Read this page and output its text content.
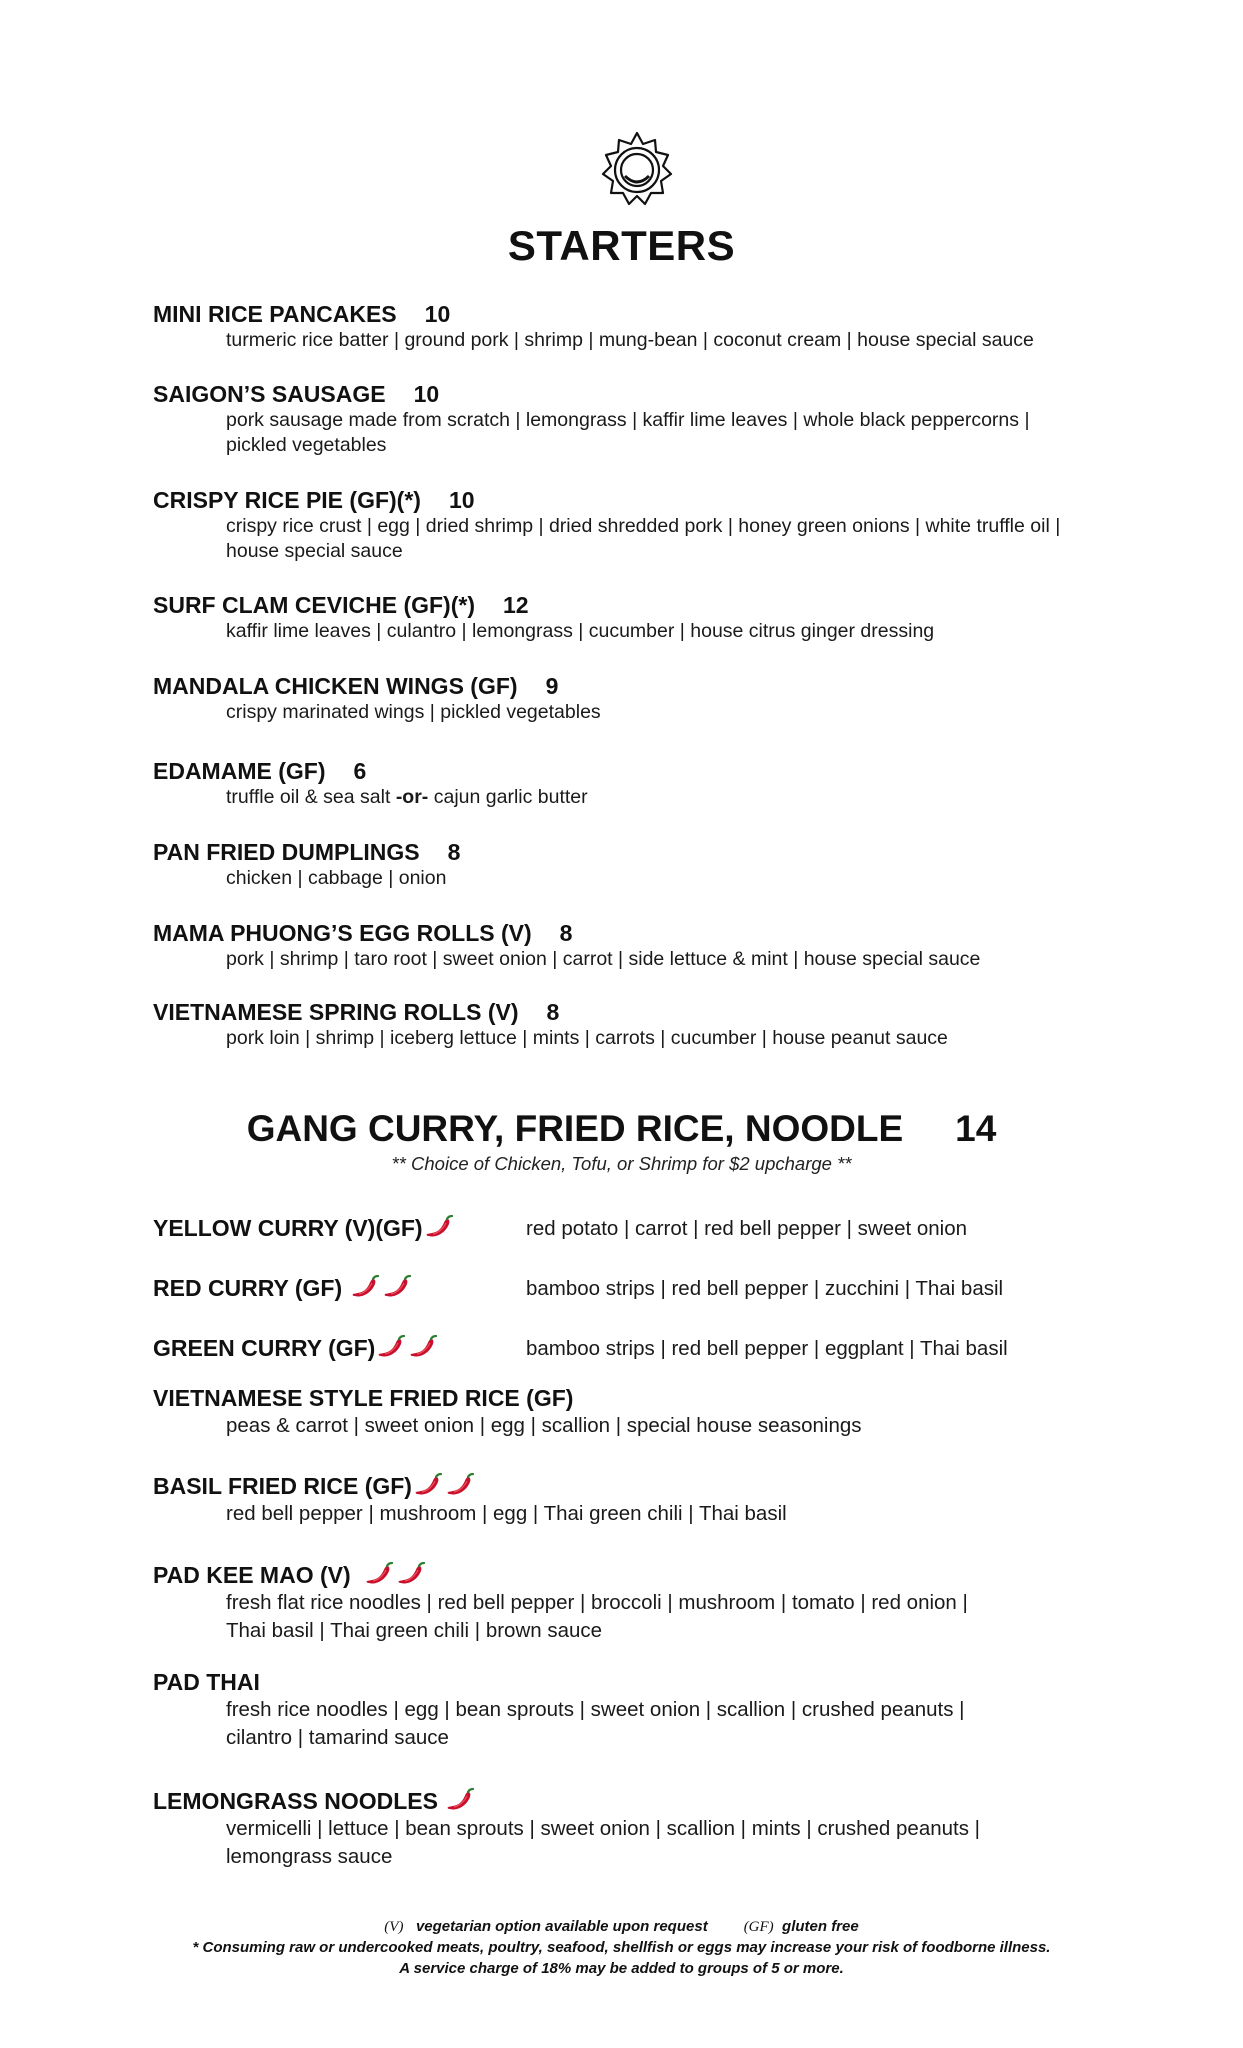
STARTERS
MINI RICE PANCAKES 10
turmeric rice batter | ground pork | shrimp | mung-bean | coconut cream | house special sauce
SAIGON’S SAUSAGE 10
pork sausage made from scratch | lemongrass | kaffir lime leaves | whole black peppercorns |
pickled vegetables
CRISPY RICE PIE (GF)(*) 10
crispy rice crust | egg | dried shrimp | dried shredded pork | honey green onions | white truffle oil |
house special sauce
SURF CLAM CEVICHE (GF)(*) 12
kaffir lime leaves | culantro | lemongrass | cucumber | house citrus ginger dressing
MANDALA CHICKEN WINGS (GF) 9
crispy marinated wings | pickled vegetables
EDAMAME (GF) 6
truffle oil & sea salt -or- cajun garlic butter
PAN FRIED DUMPLINGS 8
chicken | cabbage | onion
MAMA PHUONG’S EGG ROLLS (V) 8
pork | shrimp | taro root | sweet onion | carrot | side lettuce & mint | house special sauce
VIETNAMESE SPRING ROLLS (V) 8
pork loin | shrimp | iceberg lettuce | mints | carrots | cucumber | house peanut sauce
GANG CURRY, FRIED RICE, NOODLE 14
** Choice of Chicken, Tofu, or Shrimp for $2 upcharge **
YELLOW CURRY (V)(GF)	red potato | carrot | red bell pepper | sweet onion
RED CURRY (GF)	bamboo strips | red bell pepper | zucchini | Thai basil
GREEN CURRY (GF)	bamboo strips | red bell pepper | eggplant | Thai basil
VIETNAMESE STYLE FRIED RICE (GF)
peas & carrot | sweet onion | egg | scallion | special house seasonings
BASIL FRIED RICE (GF)
red bell pepper | mushroom | egg | Thai green chili | Thai basil
PAD KEE MAO (V)
fresh flat rice noodles | red bell pepper | broccoli | mushroom | tomato | red onion |
Thai basil | Thai green chili | brown sauce
PAD THAI
fresh rice noodles | egg | bean sprouts | sweet onion | scallion | crushed peanuts |
cilantro | tamarind sauce
LEMONGRASS NOODLES
vermicelli | lettuce | bean sprouts | sweet onion | scallion | mints | crushed peanuts |
lemongrass sauce
(V) vegetarian option available upon request (GF) gluten free
* Consuming raw or undercooked meats, poultry, seafood, shellfish or eggs may increase your risk of foodborne illness.
A service charge of 18% may be added to groups of 5 or more.
